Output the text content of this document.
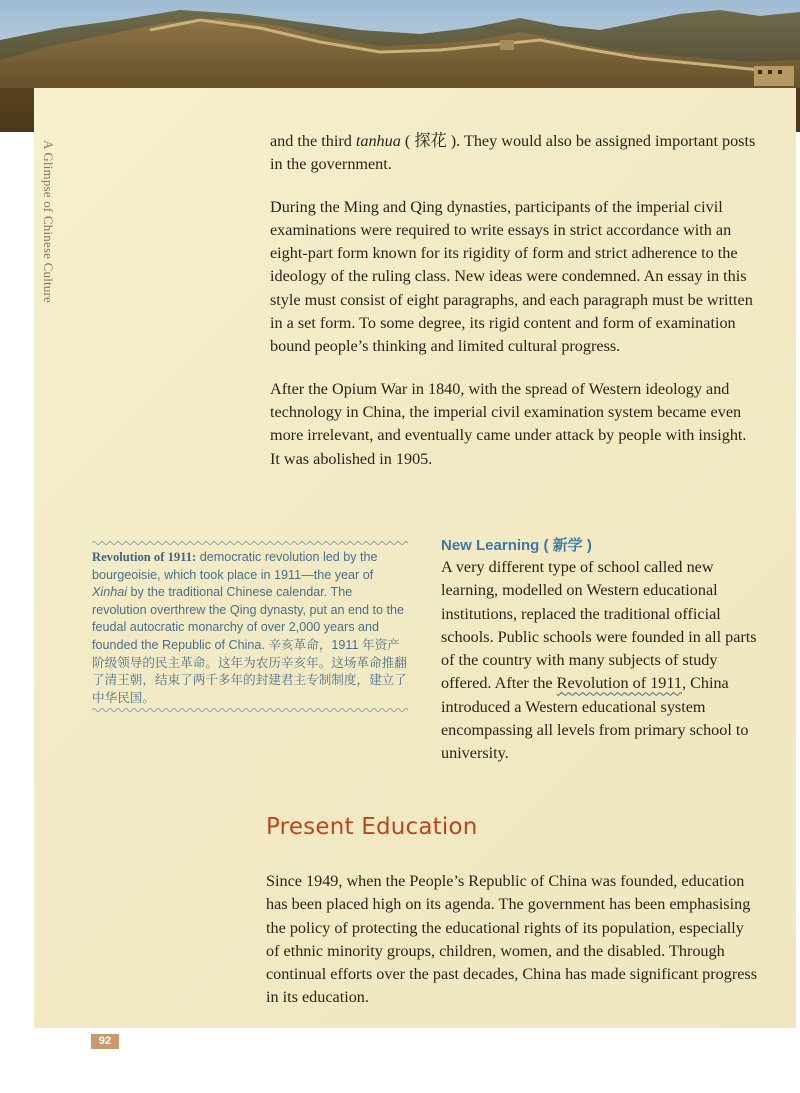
A Glimpse of Chinese Culture	and the third tanhua ( 探花 ). They would also be assigned important posts in the government.

During the Ming and Qing dynasties, participants of the imperial civil examinations were required to write essays in strict accordance with an eight-part form known for its rigidity of form and strict adherence to the ideology of the ruling class. New ideas were condemned. An essay in this style must consist of eight paragraphs, and each paragraph must be written in a set form. To some degree, its rigid content and form of examination bound people’s thinking and limited cultural progress.

After the Opium War in 1840, with the spread of Western ideology and technology in China, the imperial civil examination system became even more irrelevant, and eventually came under attack by people with insight. It was abolished in 1905.

Revolution of 1911: democratic revolution led by the bourgeoisie, which took place in 1911—the year of Xinhai by the traditional Chinese calendar. The revolution overthrew the Qing dynasty, put an end to the feudal autocratic monarchy of over 2,000 years and founded the Republic of China. 辛亥革命，1911 年资产阶级领导的民主革命。这年为农历辛亥年。这场革命推翻了清王朝，结束了两千多年的封建君主专制制度，建立了中华民国。
New Learning ( 新学 )

A very different type of school called new learning, modelled on Western educational institutions, replaced the traditional official schools. Public schools were founded in all parts of the country with many subjects of study offered. After the Revolution of 1911, China introduced a Western educational system encompassing all levels from primary school to university.

Present Education
Since 1949, when the People’s Republic of China was founded, education has been placed high on its agenda. The government has been emphasising the policy of protecting the educational rights of its population, especially of ethnic minority groups, children, women, and the disabled. Through continual efforts over the past decades, China has made significant progress in its education.
92
